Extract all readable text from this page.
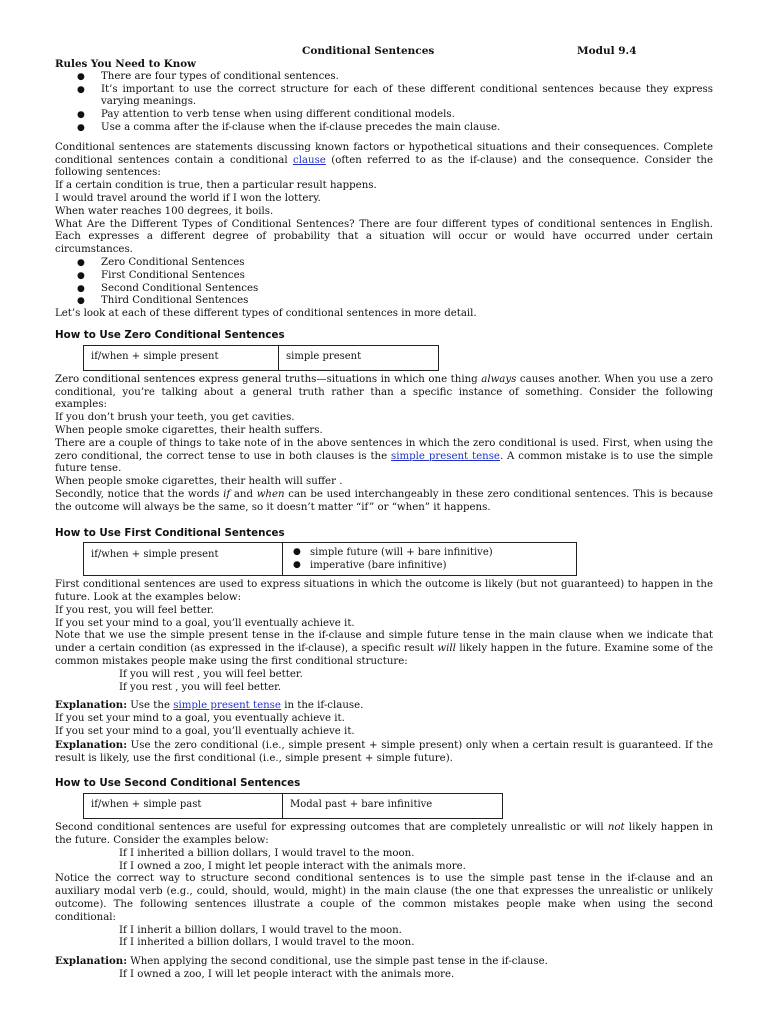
Conditional Sentences	Modul 9.4
Rules You Need to Know
● There are four types of conditional sentences.
● It’s important to use the correct structure for each of these different conditional sentences because they express varying meanings.
● Pay attention to verb tense when using different conditional models.
● Use a comma after the if-clause when the if-clause precedes the main clause.

Conditional sentences are statements discussing known factors or hypothetical situations and their consequences. Complete conditional sentences contain a conditional clause (often referred to as the if-clause) and the consequence. Consider the following sentences:

If a certain condition is true, then a particular result happens.

I would travel around the world if I won the lottery.

When water reaches 100 degrees, it boils.

What Are the Different Types of Conditional Sentences? There are four different types of conditional sentences in English. Each expresses a different degree of probability that a situation will occur or would have occurred under certain circumstances.

● Zero Conditional Sentences
● First Conditional Sentences
● Second Conditional Sentences
● Third Conditional Sentences

Let’s look at each of these different types of conditional sentences in more detail.

How to Use Zero Conditional Sentences
if/when + simple present	simple present

Zero conditional sentences express general truths—situations in which one thing always causes another. When you use a zero conditional, you’re talking about a general truth rather than a specific instance of something. Consider the following examples:

If you don’t brush your teeth, you get cavities.

When people smoke cigarettes, their health suffers.

There are a couple of things to take note of in the above sentences in which the zero conditional is used. First, when using the zero conditional, the correct tense to use in both clauses is the simple present tense. A common mistake is to use the simple future tense.

When people smoke cigarettes, their health will suffer .

Secondly, notice that the words if and when can be used interchangeably in these zero conditional sentences. This is because the outcome will always be the same, so it doesn’t matter “if” or “when” it happens.

How to Use First Conditional Sentences
if/when + simple present	● simple future (will + bare infinitive)
● imperative (bare infinitive)

First conditional sentences are used to express situations in which the outcome is likely (but not guaranteed) to happen in the future. Look at the examples below:

If you rest, you will feel better.

If you set your mind to a goal, you’ll eventually achieve it.

Note that we use the simple present tense in the if-clause and simple future tense in the main clause when we indicate that under a certain condition (as expressed in the if-clause), a specific result will likely happen in the future. Examine some of the common mistakes people make using the first conditional structure:

If you will rest , you will feel better.

If you rest , you will feel better.

Explanation: Use the simple present tense in the if-clause.

If you set your mind to a goal, you eventually achieve it.

If you set your mind to a goal, you’ll eventually achieve it.

Explanation: Use the zero conditional (i.e., simple present + simple present) only when a certain result is guaranteed. If the result is likely, use the first conditional (i.e., simple present + simple future).

How to Use Second Conditional Sentences
if/when + simple past	Modal past + bare infinitive

Second conditional sentences are useful for expressing outcomes that are completely unrealistic or will not likely happen in the future. Consider the examples below:

If I inherited a billion dollars, I would travel to the moon.

If I owned a zoo, I might let people interact with the animals more.

Notice the correct way to structure second conditional sentences is to use the simple past tense in the if-clause and an auxiliary modal verb (e.g., could, should, would, might) in the main clause (the one that expresses the unrealistic or unlikely outcome). The following sentences illustrate a couple of the common mistakes people make when using the second conditional:

If I inherit a billion dollars, I would travel to the moon.

If I inherited a billion dollars, I would travel to the moon.

Explanation: When applying the second conditional, use the simple past tense in the if-clause.

If I owned a zoo, I will let people interact with the animals more.
